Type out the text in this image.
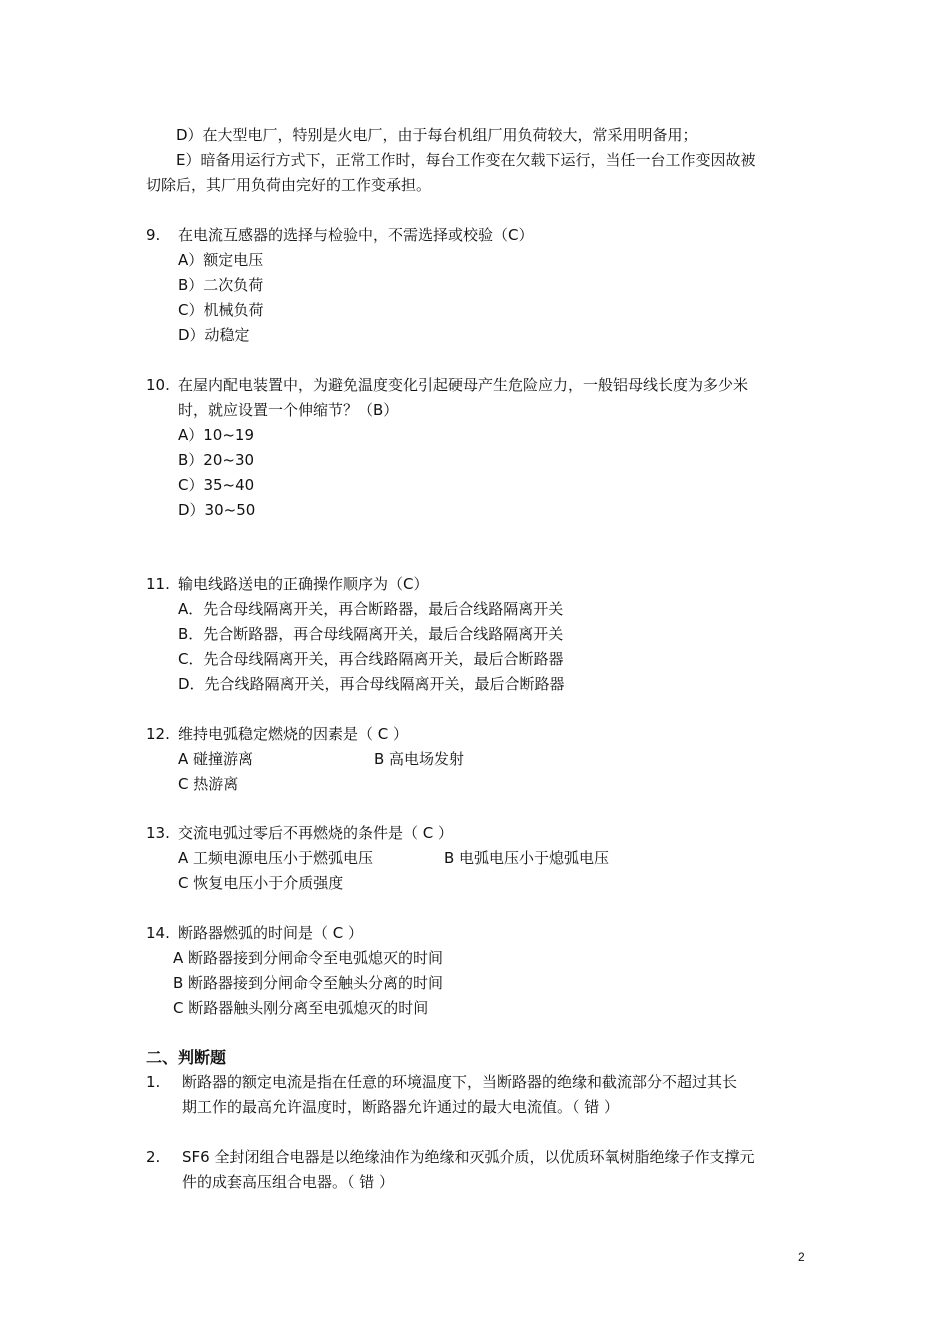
D）在大型电厂，特别是火电厂，由于每台机组厂用负荷较大，常采用明备用；
E）暗备用运行方式下，正常工作时，每台工作变在欠载下运行，当任一台工作变因故被
切除后，其厂用负荷由完好的工作变承担。
9. 在电流互感器的选择与检验中，不需选择或校验（C）
A）额定电压
B）二次负荷
C）机械负荷
D）动稳定
10. 在屋内配电装置中，为避免温度变化引起硬母产生危险应力，一般铝母线长度为多少米
时，就应设置一个伸缩节？（B）
A）10~19
B）20~30
C）35~40
D）30~50
11. 输电线路送电的正确操作顺序为（C）
A．先合母线隔离开关，再合断路器，最后合线路隔离开关
B．先合断路器，再合母线隔离开关，最后合线路隔离开关
C．先合母线隔离开关，再合线路隔离开关，最后合断路器
D．先合线路隔离开关，再合母线隔离开关，最后合断路器
12. 维持电弧稳定燃烧的因素是（ C ）
A 碰撞游离	B 高电场发射
C 热游离
13. 交流电弧过零后不再燃烧的条件是（ C ）
A 工频电源电压小于燃弧电压	B 电弧电压小于熄弧电压
C 恢复电压小于介质强度
14. 断路器燃弧的时间是（ C ）
A 断路器接到分闸命令至电弧熄灭的时间
B 断路器接到分闸命令至触头分离的时间
C 断路器触头刚分离至电弧熄灭的时间
二、判断题
1. 断路器的额定电流是指在任意的环境温度下，当断路器的绝缘和截流部分不超过其长
期工作的最高允许温度时，断路器允许通过的最大电流值。（ 错 ）
2. SF6 全封闭组合电器是以绝缘油作为绝缘和灭弧介质，以优质环氧树脂绝缘子作支撑元
件的成套高压组合电器。（ 错 ）
2
